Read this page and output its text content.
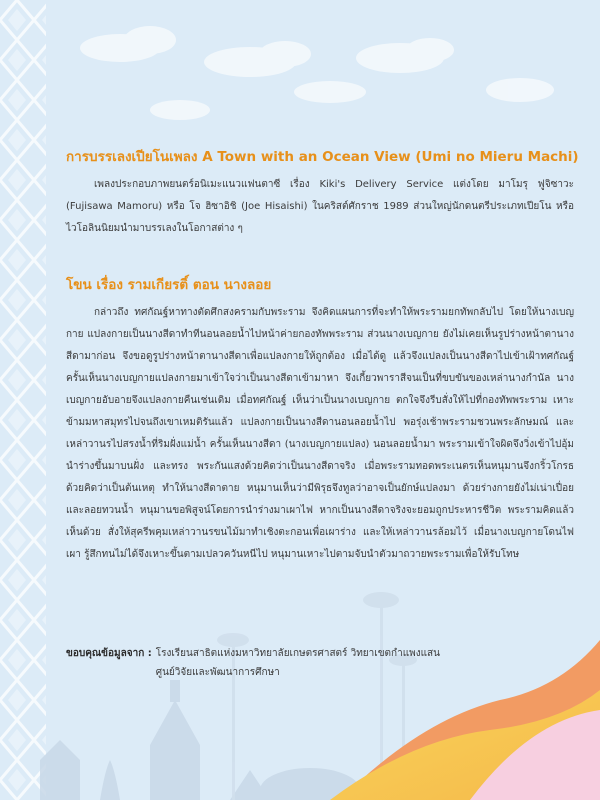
การบรรเลงเปียโนเพลง A Town with an Ocean View (Umi no Mieru Machi)

เพลงประกอบภาพยนตร์อนิเมะแนวแฟนตาซี เรื่อง Kiki's Delivery Service แต่งโดย มาโมรุ ฟูจิซาวะ (Fujisawa Mamoru) หรือ โจ ฮิซาอิชิ (Joe Hisaishi) ในคริสต์ศักราช 1989 ส่วนใหญ่นักดนตรีประเภทเปียโน หรือไวโอลินนิยมนำมาบรรเลงในโอกาสต่าง ๆ

โขน เรื่อง รามเกียรติ์ ตอน นางลอย

กล่าวถึง ทศกัณฐ์หาทางตัดศึกสงครามกับพระราม จึงคิดแผนการที่จะทำให้พระรามยกทัพกลับไป โดยให้นางเบญกาย แปลงกายเป็นนางสีดาทำทีนอนลอยน้ำไปหน้าค่ายกองทัพพระราม ส่วนนางเบญกาย ยังไม่เคยเห็นรูปร่างหน้าตานางสีดามาก่อน จึงขอดูรูปร่างหน้าตานางสีดาเพื่อแปลงกายให้ถูกต้อง เมื่อได้ดู แล้วจึงแปลงเป็นนางสีดาไปเข้าเฝ้าทศกัณฐ์ ครั้นเห็นนางเบญกายแปลงกายมาเข้าใจว่าเป็นนางสีดาเข้ามาหา จึงเกี้ยวพาราสีจนเป็นที่ขบขันของเหล่านางกำนัล นางเบญกายอับอายจึงแปลงกายคืนเช่นเดิม เมื่อทศกัณฐ์ เห็นว่าเป็นนางเบญกาย ตกใจจึงรีบสั่งให้ไปที่กองทัพพระราม เหาะข้ามมหาสมุทรไปจนถึงเขาเหมติรันแล้ว แปลงกายเป็นนางสีดานอนลอยน้ำไป พอรุ่งเช้าพระรามชวนพระลักษมณ์ และเหล่าวานรไปสรงน้ำที่ริมฝั่งแม่น้ำ ครั้นเห็นนางสีดา (นางเบญกายแปลง) นอนลอยน้ำมา พระรามเข้าใจผิดจึงวิ่งเข้าไปอุ้มนำร่างขึ้นมาบนฝั่ง และทรง พระกันแสงด้วยคิดว่าเป็นนางสีดาจริง เมื่อพระรามทอดพระเนตรเห็นหนุมานจึงกริ้วโกรธด้วยคิดว่าเป็นต้นเหตุ ทำให้นางสีดาตาย หนุมานเห็นว่ามีพิรุธจึงทูลว่าอาจเป็นยักษ์แปลงมา ด้วยร่างกายยังไม่เน่าเปื่อยและลอยทวนน้ำ หนุมานขอพิสูจน์โดยการนำร่างมาเผาไฟ หากเป็นนางสีดาจริงจะยอมถูกประหารชีวิต พระรามคิดแล้วเห็นด้วย สั่งให้สุครีพคุมเหล่าวานรขนไม้มาทำเชิงตะกอนเพื่อเผาร่าง และให้เหล่าวานรล้อมไว้ เมื่อนางเบญกายโดนไฟเผา รู้สึกทนไม่ได้จึงเหาะขึ้นตามเปลวควันหนีไป หนุมานเหาะไปตามจับนำตัวมาถวายพระรามเพื่อให้รับโทษ

ขอบคุณข้อมูลจาก : โรงเรียนสาธิตแห่งมหาวิทยาลัยเกษตรศาสตร์ วิทยาเขตกำแพงแสน
ศูนย์วิจัยและพัฒนาการศึกษา
